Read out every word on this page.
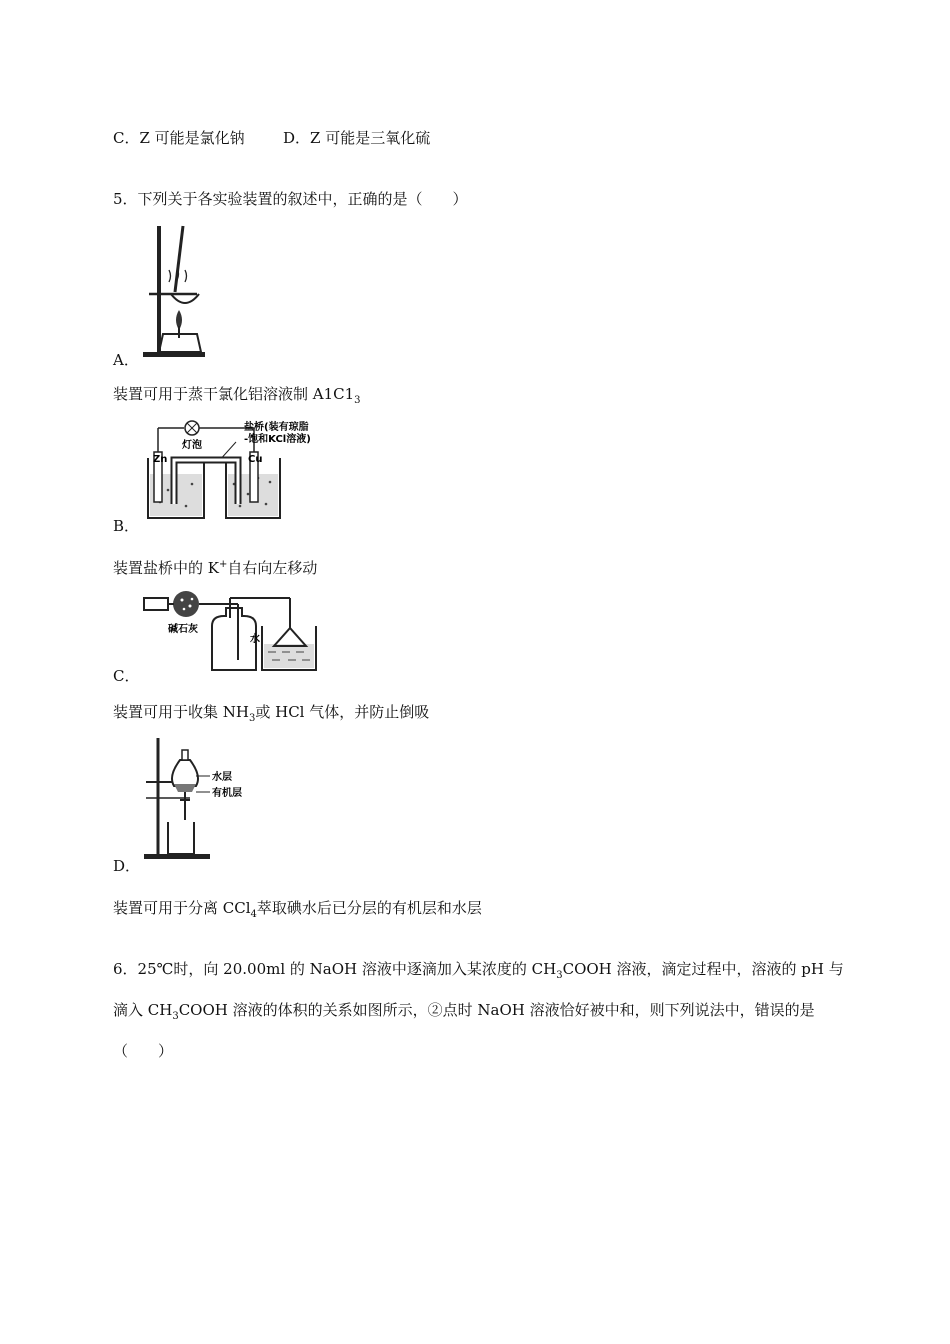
C．Z 可能是氯化钠	D．Z 可能是三氧化硫
5．下列关于各实验装置的叙述中，正确的是（　　）
A．
装置可用于蒸干氯化铝溶液制 $A1C1_3$
灯泡
盐桥(装有琼脂
-饱和KCl溶液)
Zn	Cu
B．
装置盐桥中的 K+自右向左移动
碱石灰
水
C．
装置可用于收集 $NH_3$或 HCl 气体，并防止倒吸
水层
有机层
D．
装置可用于分离 CCl$_4$萃取碘水后已分层的有机层和水层
6．25℃时，向 20.00ml 的 NaOH 溶液中逐滴加入某浓度的 $CH_3COOH$ 溶液，滴定过程中，溶液的 pH 与
滴入 $CH_3COOH$ 溶液的体积的关系如图所示，②点时 NaOH 溶液恰好被中和，则下列说法中，错误的是
（　　）
